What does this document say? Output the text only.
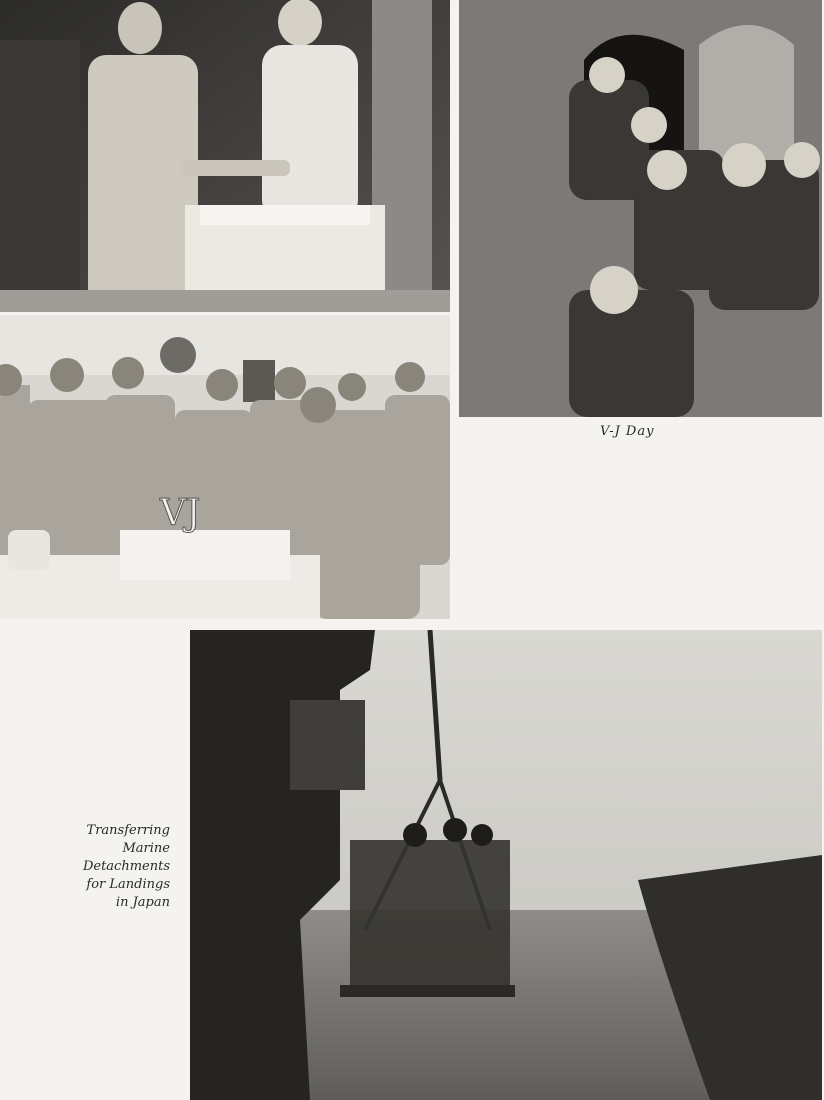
VJ
V-J Day
Transferring
Marine
Detachments
for Landings
in Japan
